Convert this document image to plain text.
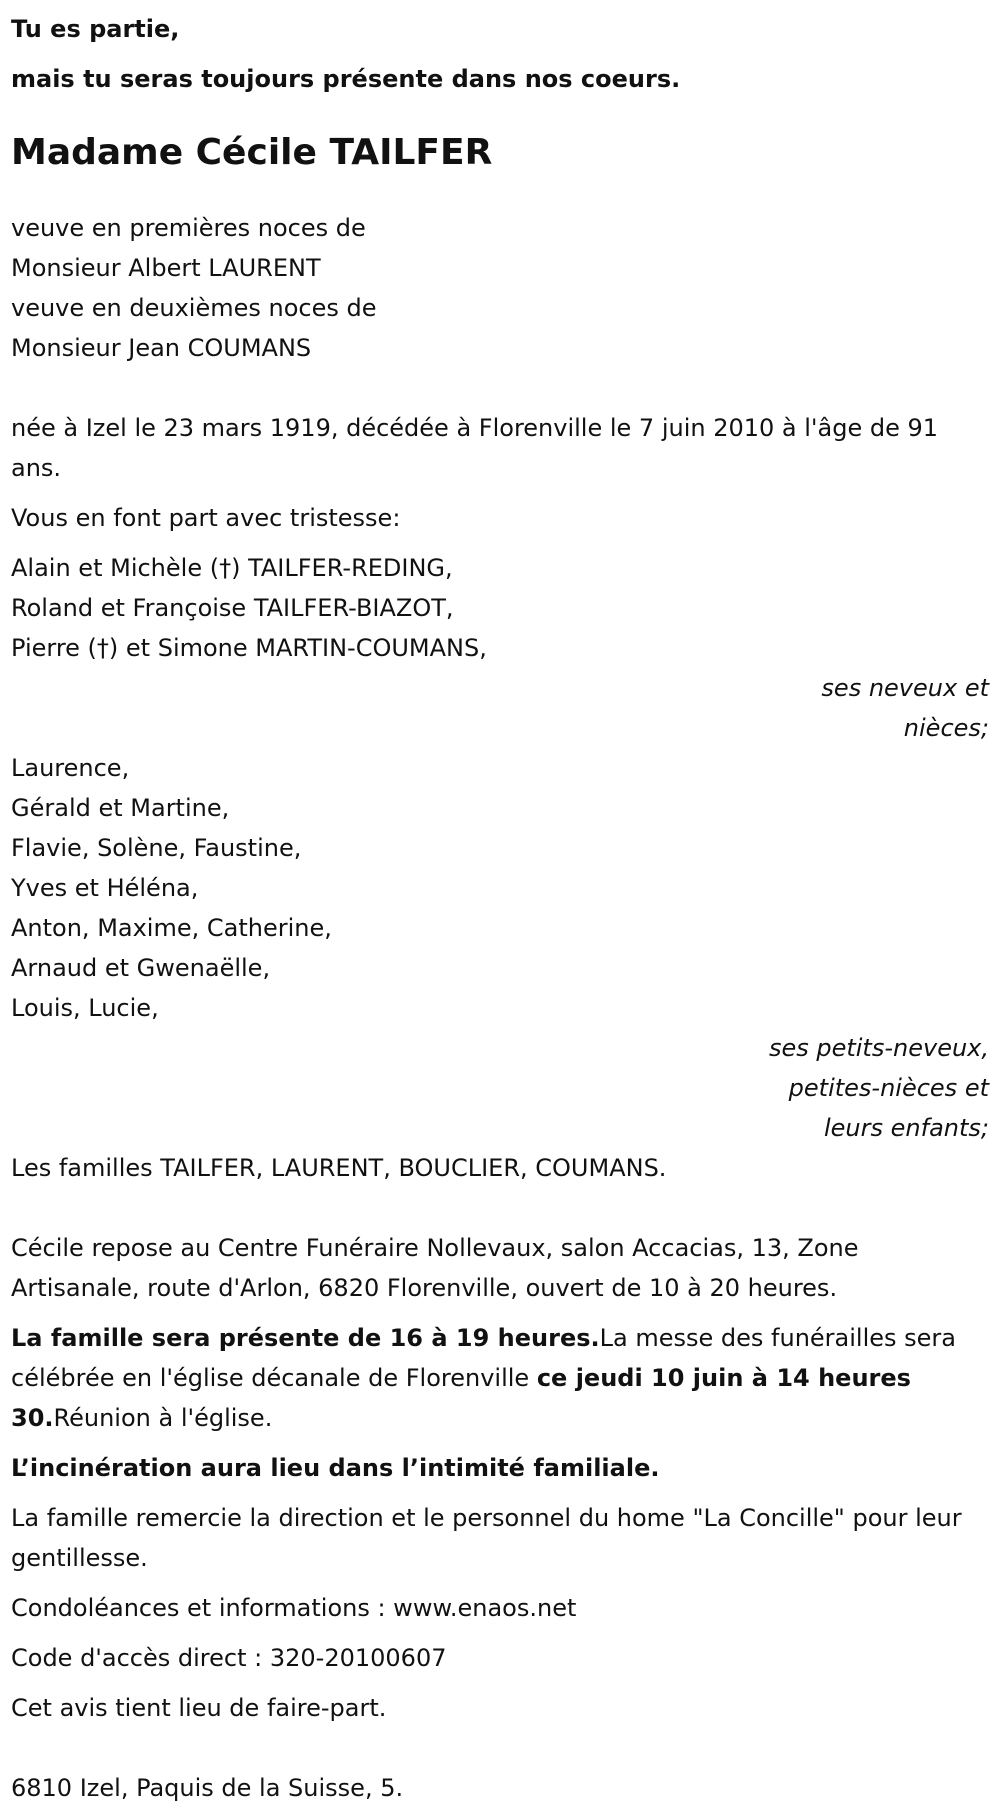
Tu es partie,

mais tu seras toujours présente dans nos coeurs.

Madame Cécile TAILFER
veuve en premières noces de
Monsieur Albert LAURENT
veuve en deuxièmes noces de
Monsieur Jean COUMANS

née à Izel le 23 mars 1919, décédée à Florenville le 7 juin 2010 à l'âge de 91 ans.

Vous en font part avec tristesse:

Alain et Michèle (†) TAILFER-REDING,
Roland et Françoise TAILFER-BIAZOT,
Pierre (†) et Simone MARTIN-COUMANS,
ses neveux et
nièces;
Laurence,
Gérald et Martine,
Flavie, Solène, Faustine,
Yves et Héléna,
Anton, Maxime, Catherine,
Arnaud et Gwenaëlle,
Louis, Lucie,
ses petits-neveux,
petites-nièces et
leurs enfants;

Les familles TAILFER, LAURENT, BOUCLIER, COUMANS.

Cécile repose au Centre Funéraire Nollevaux, salon Accacias, 13, Zone Artisanale, route d'Arlon, 6820 Florenville, ouvert de 10 à 20 heures.

La famille sera présente de 16 à 19 heures.La messe des funérailles sera célébrée en l'église décanale de Florenville ce jeudi 10 juin à 14 heures 30.Réunion à l'église.

L’incinération aura lieu dans l’intimité familiale.

La famille remercie la direction et le personnel du home "La Concille" pour leur gentillesse.

Condoléances et informations : www.enaos.net

Code d'accès direct : 320-20100607

Cet avis tient lieu de faire-part.

6810 Izel, Paquis de la Suisse, 5.
